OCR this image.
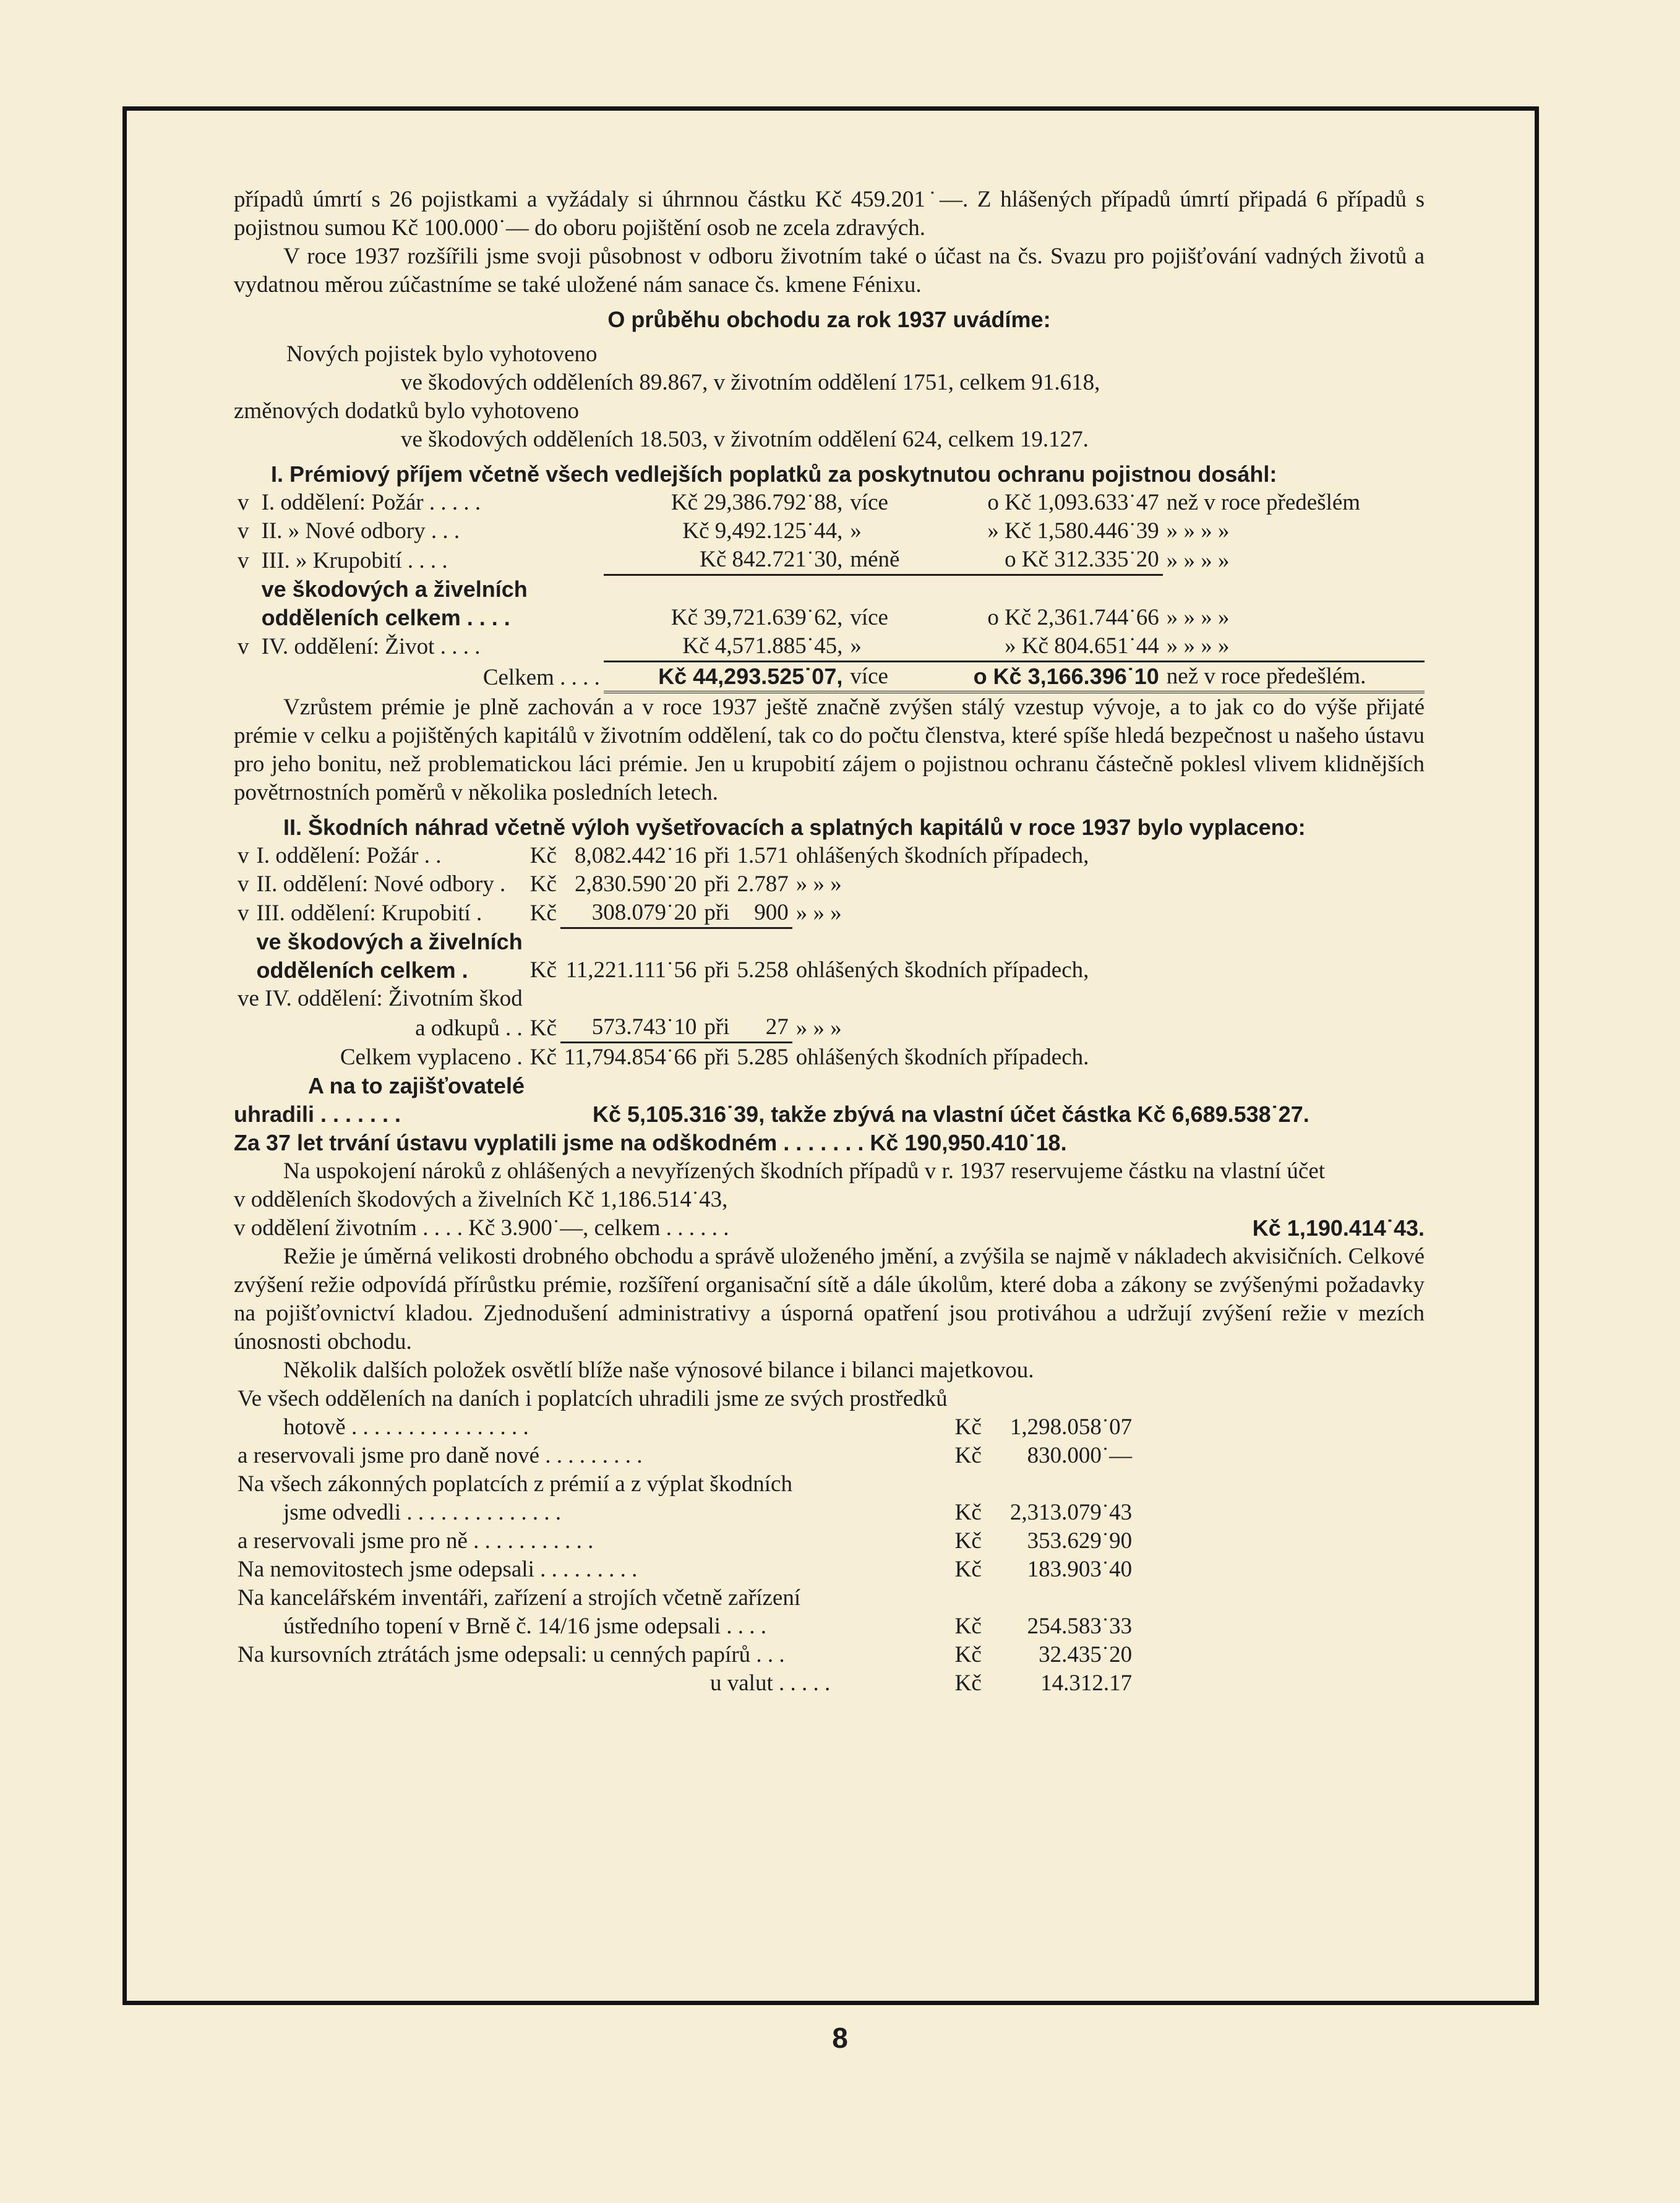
případů úmrtí s 26 pojistkami a vyžádaly si úhrnnou částku Kč 459.201˙—. Z hlášených případů úmrtí připadá 6 případů s pojistnou sumou Kč 100.000˙— do oboru pojištění osob ne zcela zdravých.

V roce 1937 rozšířili jsme svoji působnost v odboru životním také o účast na čs. Svazu pro pojišťování vadných životů a vydatnou měrou zúčastníme se také uložené nám sanace čs. kmene Fénixu.

O průběhu obchodu za rok 1937 uvádíme:
Nových pojistek bylo vyhotoveno
ve škodových odděleních 89.867, v životním oddělení 1751, celkem 91.618,
změnových dodatků bylo vyhotoveno
ve škodových odděleních 18.503, v životním oddělení 624, celkem 19.127.
I. Prémiový příjem včetně všech vedlejších poplatků za poskytnutou ochranu pojistnou dosáhl:
v	I. oddělení: Požár . . . . .	Kč 29,386.792˙88,	více	o Kč 1,093.633˙47	než v roce předešlém
v	II. » Nové odbory . . .	Kč 9,492.125˙44,	»	» Kč 1,580.446˙39	» » » »
v	III. » Krupobití . . . .	Kč 842.721˙30,	méně	o Kč 312.335˙20	» » » »
	ve škodových a živelních				
	odděleních celkem . . . .	Kč 39,721.639˙62,	více	o Kč 2,361.744˙66	» » » »
v	IV. oddělení: Život . . . .	Kč 4,571.885˙45,	»	» Kč 804.651˙44	» » » »
	Celkem . . . .	Kč 44,293.525˙07,	více	o Kč 3,166.396˙10	než v roce předešlém.

Vzrůstem prémie je plně zachován a v roce 1937 ještě značně zvýšen stálý vzestup vývoje, a to jak co do výše přijaté prémie v celku a pojištěných kapitálů v životním oddělení, tak co do počtu členstva, které spíše hledá bezpečnost u našeho ústavu pro jeho bonitu, než problematickou láci prémie. Jen u krupobití zájem o pojistnou ochranu částečně poklesl vlivem klidnějších povětrnostních poměrů v několika posledních letech.

II. Škodních náhrad včetně výloh vyšetřovacích a splatných kapitálů v roce 1937 bylo vyplaceno:

v	I. oddělení: Požár . .	Kč	8,082.442˙16	při	1.571	ohlášených škodních případech,
v	II. oddělení: Nové odbory .	Kč	2,830.590˙20	při	2.787	» » »
v	III. oddělení: Krupobití .	Kč	308.079˙20	při	900	» » »
	ve škodových a živelních					
	odděleních celkem .	Kč	11,221.111˙56	při	5.258	ohlášených škodních případech,
ve IV. oddělení: Životním škod						
	a odkupů . .	Kč	573.743˙10	při	27	» » »
	Celkem vyplaceno .	Kč	11,794.854˙66	při	5.285	ohlášených škodních případech.
A na to zajišťovatelé
uhradili . . . . . . .	Kč 5,105.316˙39, takže zbývá na vlastní účet částka Kč 6,689.538˙27.
Za 37 let trvání ústavu vyplatili jsme na odškodném . . . . . . . Kč 190,950.410˙18.

Na uspokojení nároků z ohlášených a nevyřízených škodních případů v r. 1937 reservujeme částku na vlastní účet

v odděleních škodových a živelních Kč 1,186.514˙43,
v oddělení životním . . . . Kč 3.900˙—, celkem . . . . . .	Kč 1,190.414˙43.

Režie je úměrná velikosti drobného obchodu a správě uloženého jmění, a zvýšila se najmě v nákladech akvisičních. Celkové zvýšení režie odpovídá přírůstku prémie, rozšíření organisační sítě a dále úkolům, které doba a zákony se zvýšenými požadavky na pojišťovnictví kladou. Zjednodušení administrativy a úsporná opatření jsou protiváhou a udržují zvýšení režie v mezích únosnosti obchodu.

Několik dalších položek osvětlí blíže naše výnosové bilance i bilanci majetkovou.
Ve všech odděleních na daních i poplatcích uhradili jsme ze svých prostředků		
hotově . . . . . . . . . . . . . . . .	Kč	1,298.058˙07
a reservovali jsme pro daně nové . . . . . . . . .	Kč	830.000˙—
Na všech zákonných poplatcích z prémií a z výplat škodních		
jsme odvedli . . . . . . . . . . . . . .	Kč	2,313.079˙43
a reservovali jsme pro ně . . . . . . . . . . .	Kč	353.629˙90
Na nemovitostech jsme odepsali . . . . . . . . .	Kč	183.903˙40
Na kancelářském inventáři, zařízení a strojích včetně zařízení		
ústředního topení v Brně č. 14/16 jsme odepsali . . . .	Kč	254.583˙33
Na kursovních ztrátách jsme odepsali: u cenných papírů . . .	Kč	32.435˙20
u valut . . . . .	Kč	14.312.17
8
